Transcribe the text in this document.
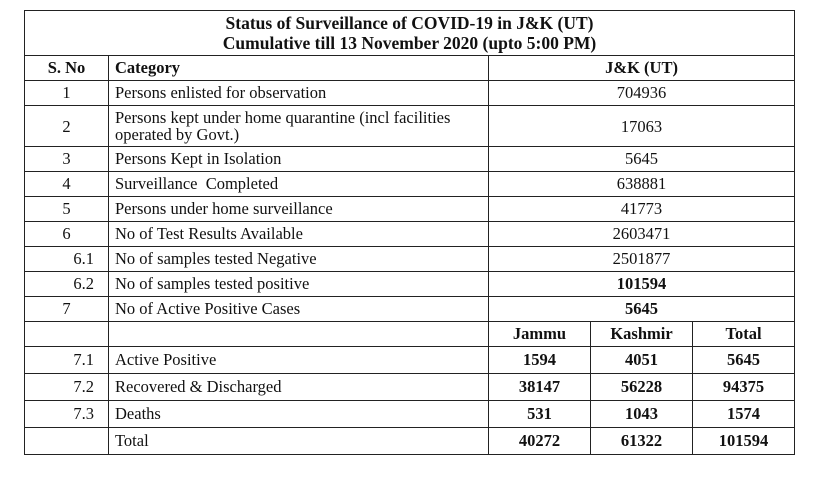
Status of Surveillance of COVID-19 in J&K (UT)
Cumulative till 13 November 2020 (upto 5:00 PM)				

S. No	Category	J&K (UT)		
1	Persons enlisted for observation	704936		
2	Persons kept under home quarantine (incl facilities operated by Govt.)	17063		
3	Persons Kept in Isolation	5645		
4	Surveillance  Completed	638881		
5	Persons under home surveillance	41773		
6	No of Test Results Available	2603471		
6.1	No of samples tested Negative	2501877		
6.2	No of samples tested positive	101594		
7	No of Active Positive Cases	5645		
		Jammu	Kashmir	Total
7.1	Active Positive	1594	4051	5645
7.2	Recovered & Discharged	38147	56228	94375
7.3	Deaths	531	1043	1574
	Total	40272	61322	101594
